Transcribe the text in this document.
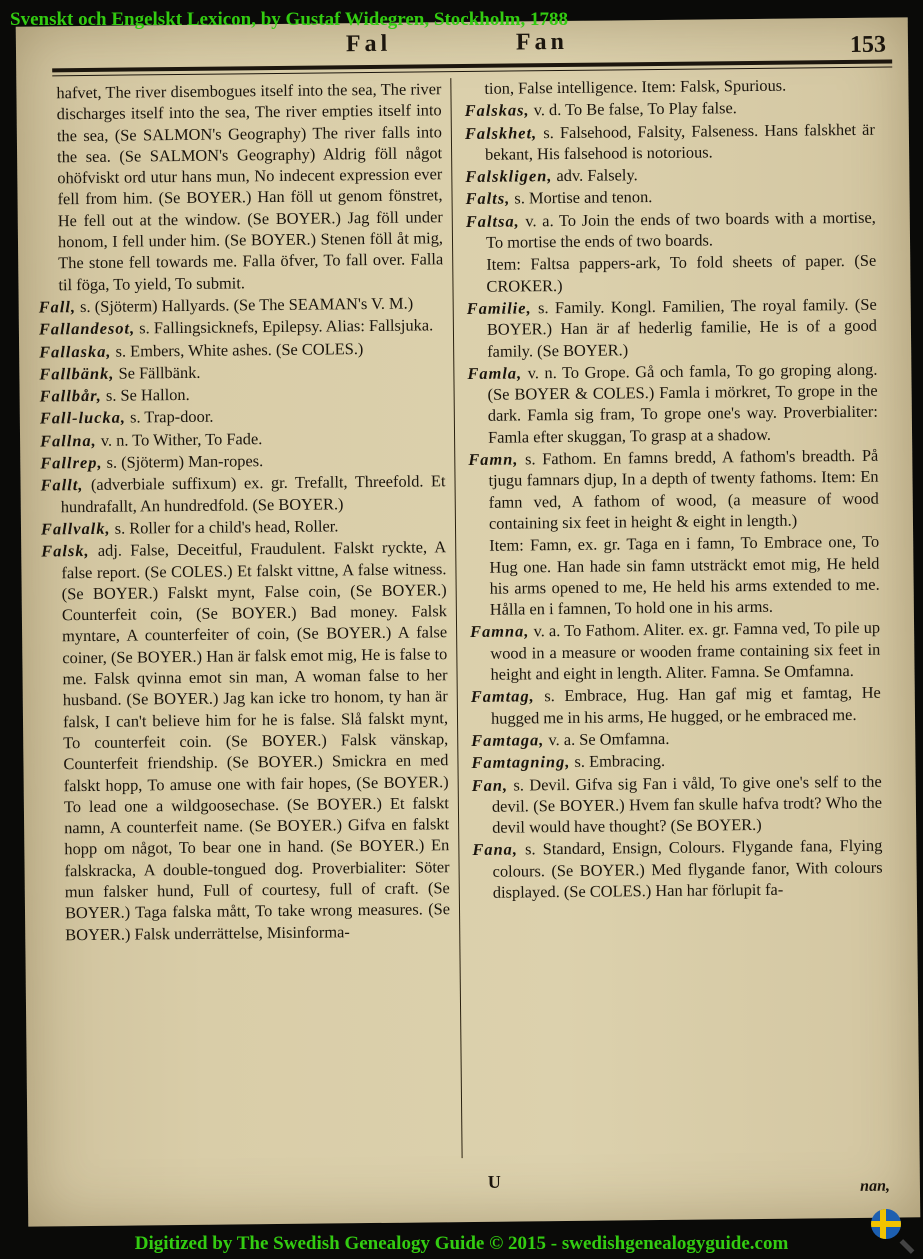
Svenskt och Engelskt Lexicon, by Gustaf Widegren, Stockholm, 1788
Fal	Fan	153

hafvet, The river disembogues itself into the sea, The river discharges itself into the sea, The river empties itself into the sea, (Se SALMON's Geography) The river falls into the sea. (Se SALMON's Geography) Aldrig föll något ohöfviskt ord utur hans mun, No indecent expression ever fell from him. (Se BOYER.) Han föll ut genom fönstret, He fell out at the window. (Se BOYER.) Jag föll under honom, I fell under him. (Se BOYER.) Stenen föll åt mig, The stone fell towards me. Falla öfver, To fall over. Falla til föga, To yield, To submit.

Fall, s. (Sjöterm) Hallyards. (Se The SEAMAN's V. M.)

Fallandesot, s. Fallingsicknefs, Epilepsy. Alias: Fallsjuka.

Fallaska, s. Embers, White ashes. (Se COLES.)

Fallbänk, Se Fällbänk.

Fallbår, s. Se Hallon.

Fall-lucka, s. Trap-door.

Fallna, v. n. To Wither, To Fade.

Fallrep, s. (Sjöterm) Man-ropes.

Fallt, (adverbiale suffixum) ex. gr. Trefallt, Threefold. Et hundrafallt, An hundredfold. (Se BOYER.)

Fallvalk, s. Roller for a child's head, Roller.

Falsk, adj. False, Deceitful, Fraudulent. Falskt ryckte, A false report. (Se COLES.) Et falskt vittne, A false witness. (Se BOYER.) Falskt mynt, False coin, (Se BOYER.) Counterfeit coin, (Se BOYER.) Bad money. Falsk myntare, A counterfeiter of coin, (Se BOYER.) A false coiner, (Se BOYER.) Han är falsk emot mig, He is false to me. Falsk qvinna emot sin man, A woman false to her husband. (Se BOYER.) Jag kan icke tro honom, ty han är falsk, I can't believe him for he is false. Slå falskt mynt, To counterfeit coin. (Se BOYER.) Falsk vänskap, Counterfeit friendship. (Se BOYER.) Smickra en med falskt hopp, To amuse one with fair hopes, (Se BOYER.) To lead one a wildgoosechase. (Se BOYER.) Et falskt namn, A counterfeit name. (Se BOYER.) Gifva en falskt hopp om något, To bear one in hand. (Se BOYER.) En falskracka, A double-tongued dog. Proverbialiter: Söter mun falsker hund, Full of courtesy, full of craft. (Se BOYER.) Taga falska mått, To take wrong measures. (Se BOYER.) Falsk underrättelse, Misinforma-

tion, False intelligence. Item: Falsk, Spurious.

Falskas, v. d. To Be false, To Play false.

Falskhet, s. Falsehood, Falsity, Falseness. Hans falskhet är bekant, His falsehood is notorious.

Falskligen, adv. Falsely.

Falts, s. Mortise and tenon.

Faltsa, v. a. To Join the ends of two boards with a mortise, To mortise the ends of two boards.

Item: Faltsa pappers-ark, To fold sheets of paper. (Se CROKER.)

Familie, s. Family. Kongl. Familien, The royal family. (Se BOYER.) Han är af hederlig familie, He is of a good family. (Se BOYER.)

Famla, v. n. To Grope. Gå och famla, To go groping along. (Se BOYER & COLES.) Famla i mörkret, To grope in the dark. Famla sig fram, To grope one's way. Proverbialiter: Famla efter skuggan, To grasp at a shadow.

Famn, s. Fathom. En famns bredd, A fathom's breadth. På tjugu famnars djup, In a depth of twenty fathoms. Item: En famn ved, A fathom of wood, (a measure of wood containing six feet in height & eight in length.)

Item: Famn, ex. gr. Taga en i famn, To Embrace one, To Hug one. Han hade sin famn utsträckt emot mig, He held his arms opened to me, He held his arms extended to me. Hålla en i famnen, To hold one in his arms.

Famna, v. a. To Fathom. Aliter. ex. gr. Famna ved, To pile up wood in a measure or wooden frame containing six feet in height and eight in length. Aliter. Famna. Se Omfamna.

Famtag, s. Embrace, Hug. Han gaf mig et famtag, He hugged me in his arms, He hugged, or he embraced me.

Famtaga, v. a. Se Omfamna.

Famtagning, s. Embracing.

Fan, s. Devil. Gifva sig Fan i våld, To give one's self to the devil. (Se BOYER.) Hvem fan skulle hafva trodt? Who the devil would have thought? (Se BOYER.)

Fana, s. Standard, Ensign, Colours. Flygande fana, Flying colours. (Se BOYER.) Med flygande fanor, With colours displayed. (Se COLES.) Han har förlupit fa-

U	nan,
Digitized by The Swedish Genealogy Guide © 2015 - swedishgenealogyguide.com
